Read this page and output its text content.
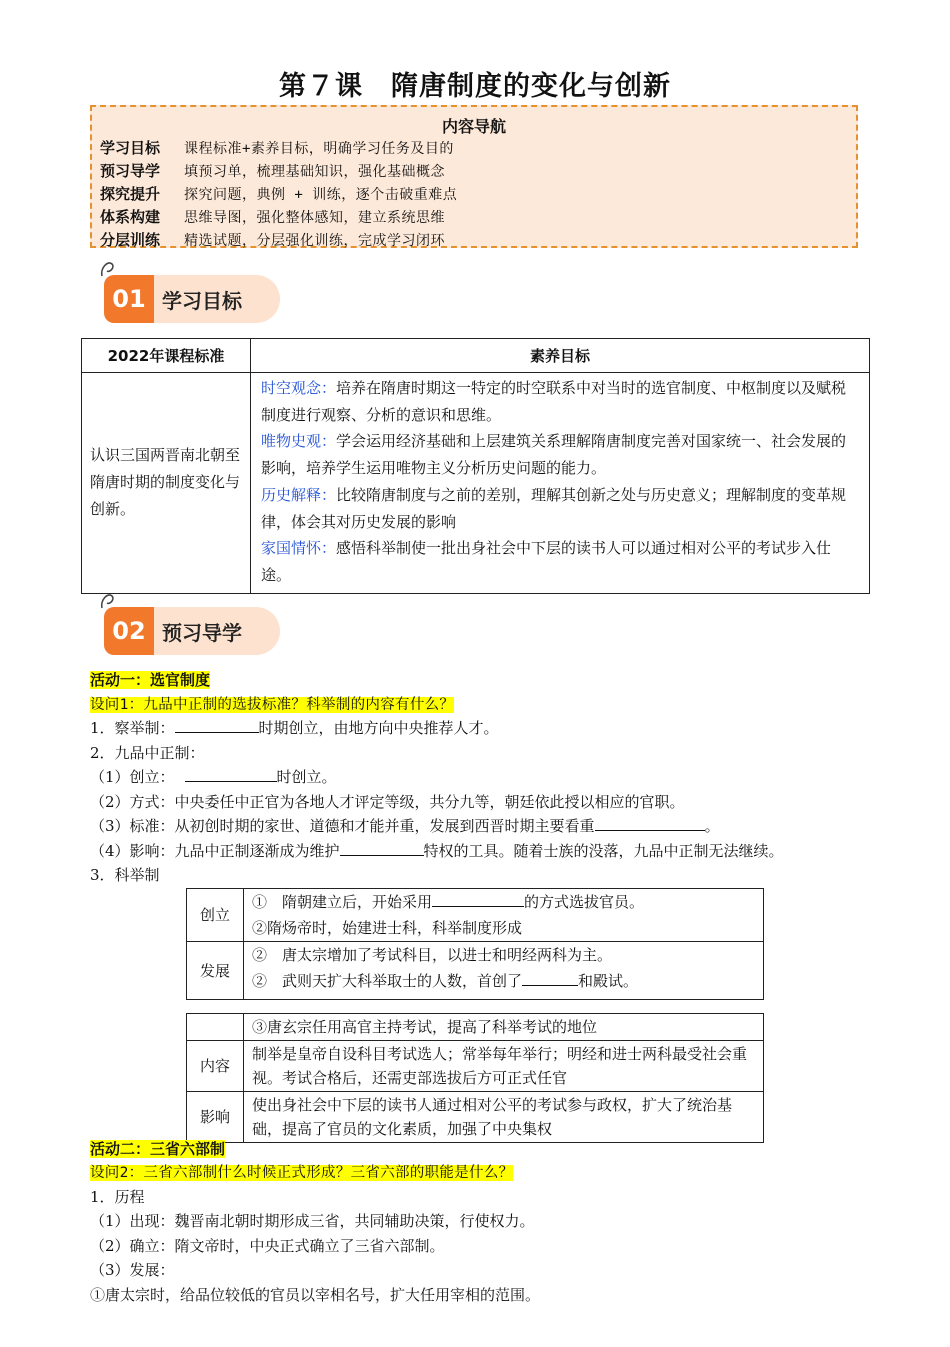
第７课　隋唐制度的变化与创新
内容导航
学习目标	课程标准+素养目标，明确学习任务及目的
预习导学	填预习单，梳理基础知识，强化基础概念
探究提升	探究问题，典例 + 训练，逐个击破重难点
体系构建	思维导图，强化整体感知，建立系统思维
分层训练	精选试题，分层强化训练，完成学习闭环
01 学习目标
2022年课程标准	素养目标
认识三国两晋南北朝至隋唐时期的制度变化与创新。	时空观念：培养在隋唐时期这一特定的时空联系中对当时的选官制度、中枢制度以及赋税制度进行观察、分析的意识和思维。
唯物史观：学会运用经济基础和上层建筑关系理解隋唐制度完善对国家统一、社会发展的影响，培养学生运用唯物主义分析历史问题的能力。
历史解释：比较隋唐制度与之前的差别，理解其创新之处与历史意义；理解制度的变革规律，体会其对历史发展的影响
家国情怀：感悟科举制使一批出身社会中下层的读书人可以通过相对公平的考试步入仕途。
02 预习导学
活动一：选官制度
设问1：九品中正制的选拔标准？科举制的内容有什么？
1．察举制：	时期创立，由地方向中央推荐人才。
2．九品中正制：
（1）创立：	时创立。
（2）方式：中央委任中正官为各地人才评定等级，共分九等，朝廷依此授以相应的官职。
（3）标准：从初创时期的家世、道德和才能并重，发展到西晋时期主要看重	。
（4）影响：九品中正制逐渐成为维护	特权的工具。随着士族的没落，九品中正制无法继续。
3．科举制
创立	①　隋朝建立后，开始采用 的方式选拔官员。
	②隋炀帝时，始建进士科，科举制度形成
发展	②　唐太宗增加了考试科目，以进士和明经两科为主。
	②　武则天扩大科举取士的人数，首创了 和殿试。
	③唐玄宗任用高官主持考试，提高了科举考试的地位
内容	制举是皇帝自设科目考试选人；常举每年举行；明经和进士两科最受社会重视。考试合格后，还需吏部选拔后方可正式任官
影响	使出身社会中下层的读书人通过相对公平的考试参与政权，扩大了统治基础，提高了官员的文化素质，加强了中央集权
活动二：三省六部制
设问2：三省六部制什么时候正式形成？三省六部的职能是什么？
1．历程
（1）出现：魏晋南北朝时期形成三省，共同辅助决策，行使权力。
（2）确立：隋文帝时，中央正式确立了三省六部制。
（3）发展：
①唐太宗时，给品位较低的官员以宰相名号，扩大任用宰相的范围。
